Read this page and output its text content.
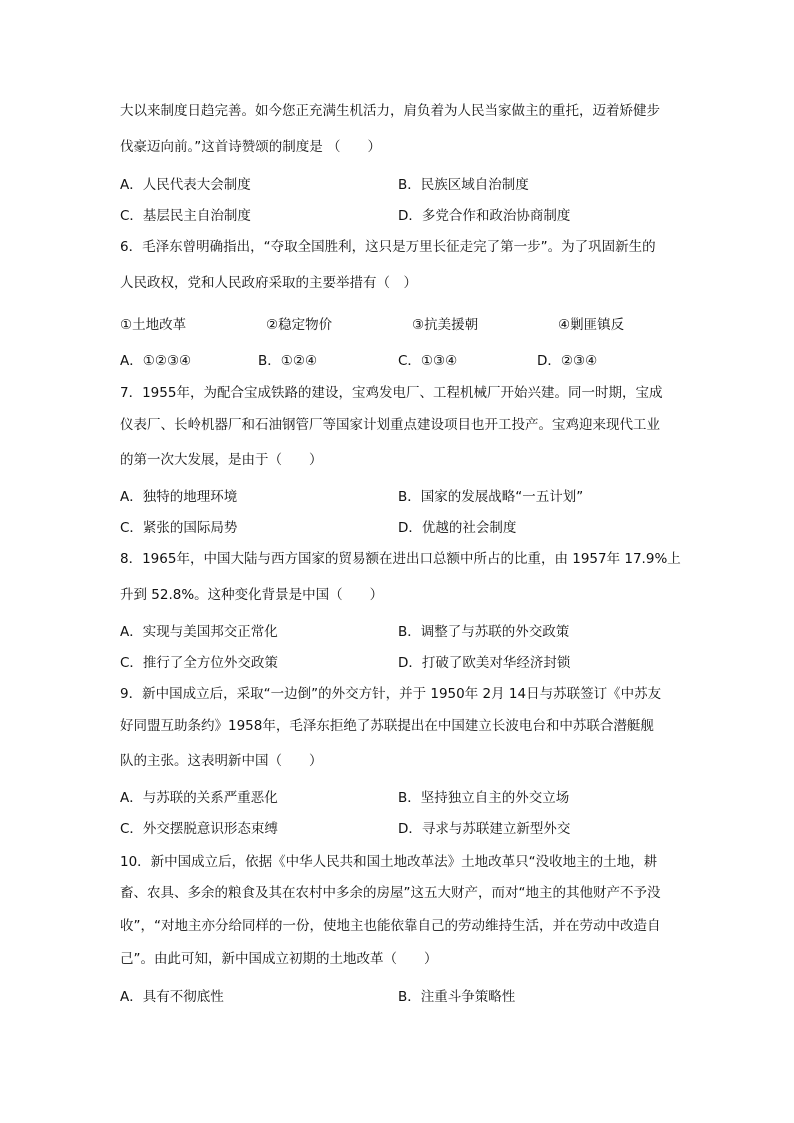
大以来制度日趋完善。如今您正充满生机活力，肩负着为人民当家做主的重托，迈着矫健步
伐豪迈向前。”这首诗赞颂的制度是 （　　）
A．人民代表大会制度	B．民族区域自治制度
C．基层民主自治制度	D．多党合作和政治协商制度
6．毛泽东曾明确指出，“夺取全国胜利，这只是万里长征走完了第一步”。为了巩固新生的
人民政权，党和人民政府采取的主要举措有（　）
①土地改革	②稳定物价	③抗美援朝	④剿匪镇反
A．①②③④	B．①②④	C．①③④	D．②③④
7．1955年，为配合宝成铁路的建设，宝鸡发电厂、工程机械厂开始兴建。同一时期，宝成
仪表厂、长岭机器厂和石油钢管厂等国家计划重点建设项目也开工投产。宝鸡迎来现代工业
的第一次大发展，是由于（　　）
A．独特的地理环境	B．国家的发展战略“一五计划”
C．紧张的国际局势	D．优越的社会制度
8．1965年，中国大陆与西方国家的贸易额在进出口总额中所占的比重，由 1957年 17.9%上
升到 52.8%。这种变化背景是中国（　　）
A．实现与美国邦交正常化	B．调整了与苏联的外交政策
C．推行了全方位外交政策	D．打破了欧美对华经济封锁
9．新中国成立后，采取“一边倒”的外交方针，并于 1950年 2月 14日与苏联签订《中苏友
好同盟互助条约》1958年，毛泽东拒绝了苏联提出在中国建立长波电台和中苏联合潜艇舰
队的主张。这表明新中国（　　）
A．与苏联的关系严重恶化	B．坚持独立自主的外交立场
C．外交摆脱意识形态束缚	D．寻求与苏联建立新型外交
10．新中国成立后，依据《中华人民共和国土地改革法》土地改革只“没收地主的土地，耕
畜、农具、多余的粮食及其在农村中多余的房屋”这五大财产，而对“地主的其他财产不予没
收”，“对地主亦分给同样的一份，使地主也能依靠自己的劳动维持生活，并在劳动中改造自
己”。由此可知，新中国成立初期的土地改革（　　）
A．具有不彻底性	B．注重斗争策略性
